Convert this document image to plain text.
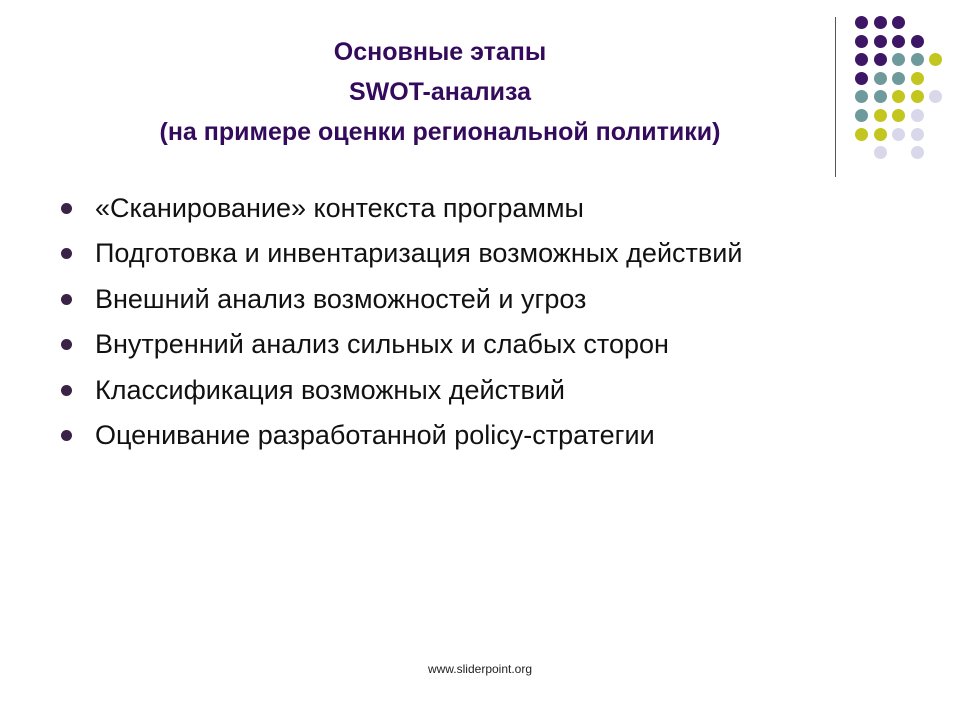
Основные этапы
SWOT-анализа
(на примере оценки региональной политики)
«Сканирование» контекста программы
Подготовка и инвентаризация возможных действий
Внешний анализ возможностей и угроз
Внутренний анализ сильных и слабых сторон
Классификация возможных действий
Оценивание разработанной policy-стратегии
www.sliderpoint.org
